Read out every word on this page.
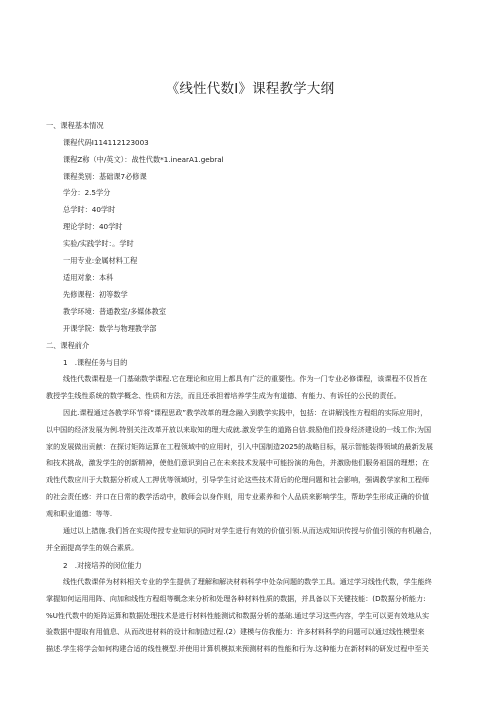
《线性代数I》课程教学大纲
一、课程基本情况
课程代码I114112123003
课程Z称（中/英文）：战性代数*1.inearA1.gebral
课程类别：基础课7必修课
学分：2.5学分
总学时：40学时
理论学时：40学时
实验/实践学时：。学时
一用专业:金属材料工程
适用对象：本科
先修课程：初等数学
教学环境：普通教室/多媒体教室
开课学院：数学与物理教学部
二、课程前介
1　.课程任务与目的
线性代数课程是一门基础数学课程.它在理论和应用上都具有广泛的重要性。作为一门专业必修课程，该课程不仅旨在
教授学生线性系统的数学概念、性质和方法，而且还承担着培养学生成为有道德、有能力、有诉任的公民的责任。
因此.课程通过各教学环节将“课程思政”教学改革的理念融入到教学实践中，包括：在讲解浅性方程组的实际应用时，
以中国的经济发展为例.特别关注改革开放以来取知的理大成就.激发学生的道路自信.鼓励他们投身经济建设的一线工作;为国
家的发展做出贡献：在探讨矩阵运算在工程领域中的应用时，引入中国制造2025的战略目标，展示智能装得领域的最新发展
和技术挑战，激发学生的创新精神，使他们意识到自己在未来技术发展中可能扮演的角色，并激励他们服务祖国的理想；在
戏性代数应川于大数据分析或人工押优等领域时，引导学生讨论这些技术背后的伦理问题和社会影响，强调教学家和工程师
的社会责任感：并口在日常的教学活动中，教师会以身作则，用专业素养和个人品质来影响学生，帮助学生形成正确的价值
观和职业道德：等等.
通过以上措施.我们旨在实现传授专业知识的同时对学生进行有效的价值引领.从而达成知识传授与价值引领的有机融合，
并全面提高学生的娱合素质。
2　.对接培养的闵位能力
线性代数课佯为材料相关专业的学生提供了理解和解决材料科学中处杂问题的数学工具。通过学习线性代数，学生能终
掌握如何运用用阵、向加和线性方程组等概念来分析和处理各种材料性质的数据，并具备以下关键技能：(D数据分析能力:
%U性代数中的矩阵运算和数据处理技术是进行材料性能测试和数据分析的基础.通过学习这些内容，学生可以更有效地从实
验数据中提取有用值息、从而改进材料的设计和制造过程.(2）建模与仿我能力：许多材料科学的问题可以通过线性模型来
描述.学生将学会如何构建合适的线性模型.并使用计算机模拟来预测材料的性能和行为.这种能力在新材料的研发过程中至关
